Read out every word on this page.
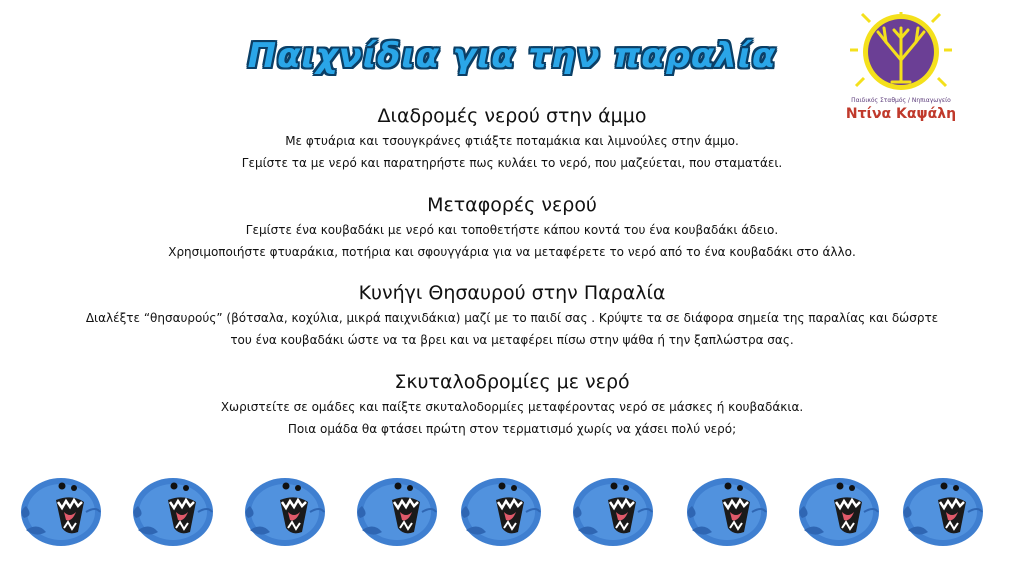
Παιχνίδια για την παραλία
Παιδικός Σταθμός / Νηπιαγωγείο
Ντίνα Καψάλη
Διαδρομές νερού στην άμμο

Με φτυάρια και τσουγκράνες φτιάξτε ποταμάκια και λιμνούλες στην άμμο.

Γεμίστε τα με νερό και παρατηρήστε πως κυλάει το νερό, που μαζεύεται, που σταματάει.

Μεταφορές νερού

Γεμίστε ένα κουβαδάκι με νερό και τοποθετήστε κάπου κοντά του ένα κουβαδάκι άδειο.

Χρησιμοποιήστε φτυαράκια, ποτήρια και σφουγγάρια για να μεταφέρετε το νερό από το ένα κουβαδάκι στο άλλο.

Κυνήγι Θησαυρού στην Παραλία

Διαλέξτε “θησαυρούς” (βότσαλα, κοχύλια, μικρά παιχνιδάκια) μαζί με το παιδί σας . Κρύψτε τα σε διάφορα σημεία της παραλίας και δώσρτε

του ένα κουβαδάκι ώστε να τα βρει και να μεταφέρει πίσω στην ψάθα ή την ξαπλώστρα σας.

Σκυταλοδρομίες με νερό

Χωριστείτε σε ομάδες και παίξτε σκυταλοδορμίες μεταφέροντας νερό σε μάσκες ή κουβαδάκια.

Ποια ομάδα θα φτάσει πρώτη στον τερματισμό χωρίς να χάσει πολύ νερό;
